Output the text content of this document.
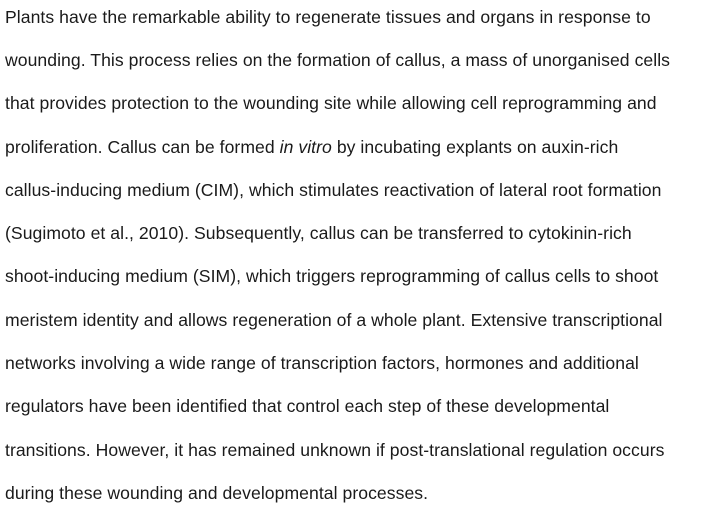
Plants have the remarkable ability to regenerate tissues and organs in response to
wounding. This process relies on the formation of callus, a mass of unorganised cells
that provides protection to the wounding site while allowing cell reprogramming and
proliferation. Callus can be formed in vitro by incubating explants on auxin-rich
callus-inducing medium (CIM), which stimulates reactivation of lateral root formation
(Sugimoto et al., 2010). Subsequently, callus can be transferred to cytokinin-rich
shoot-inducing medium (SIM), which triggers reprogramming of callus cells to shoot
meristem identity and allows regeneration of a whole plant. Extensive transcriptional
networks involving a wide range of transcription factors, hormones and additional
regulators have been identified that control each step of these developmental
transitions. However, it has remained unknown if post-translational regulation occurs
during these wounding and developmental processes.
